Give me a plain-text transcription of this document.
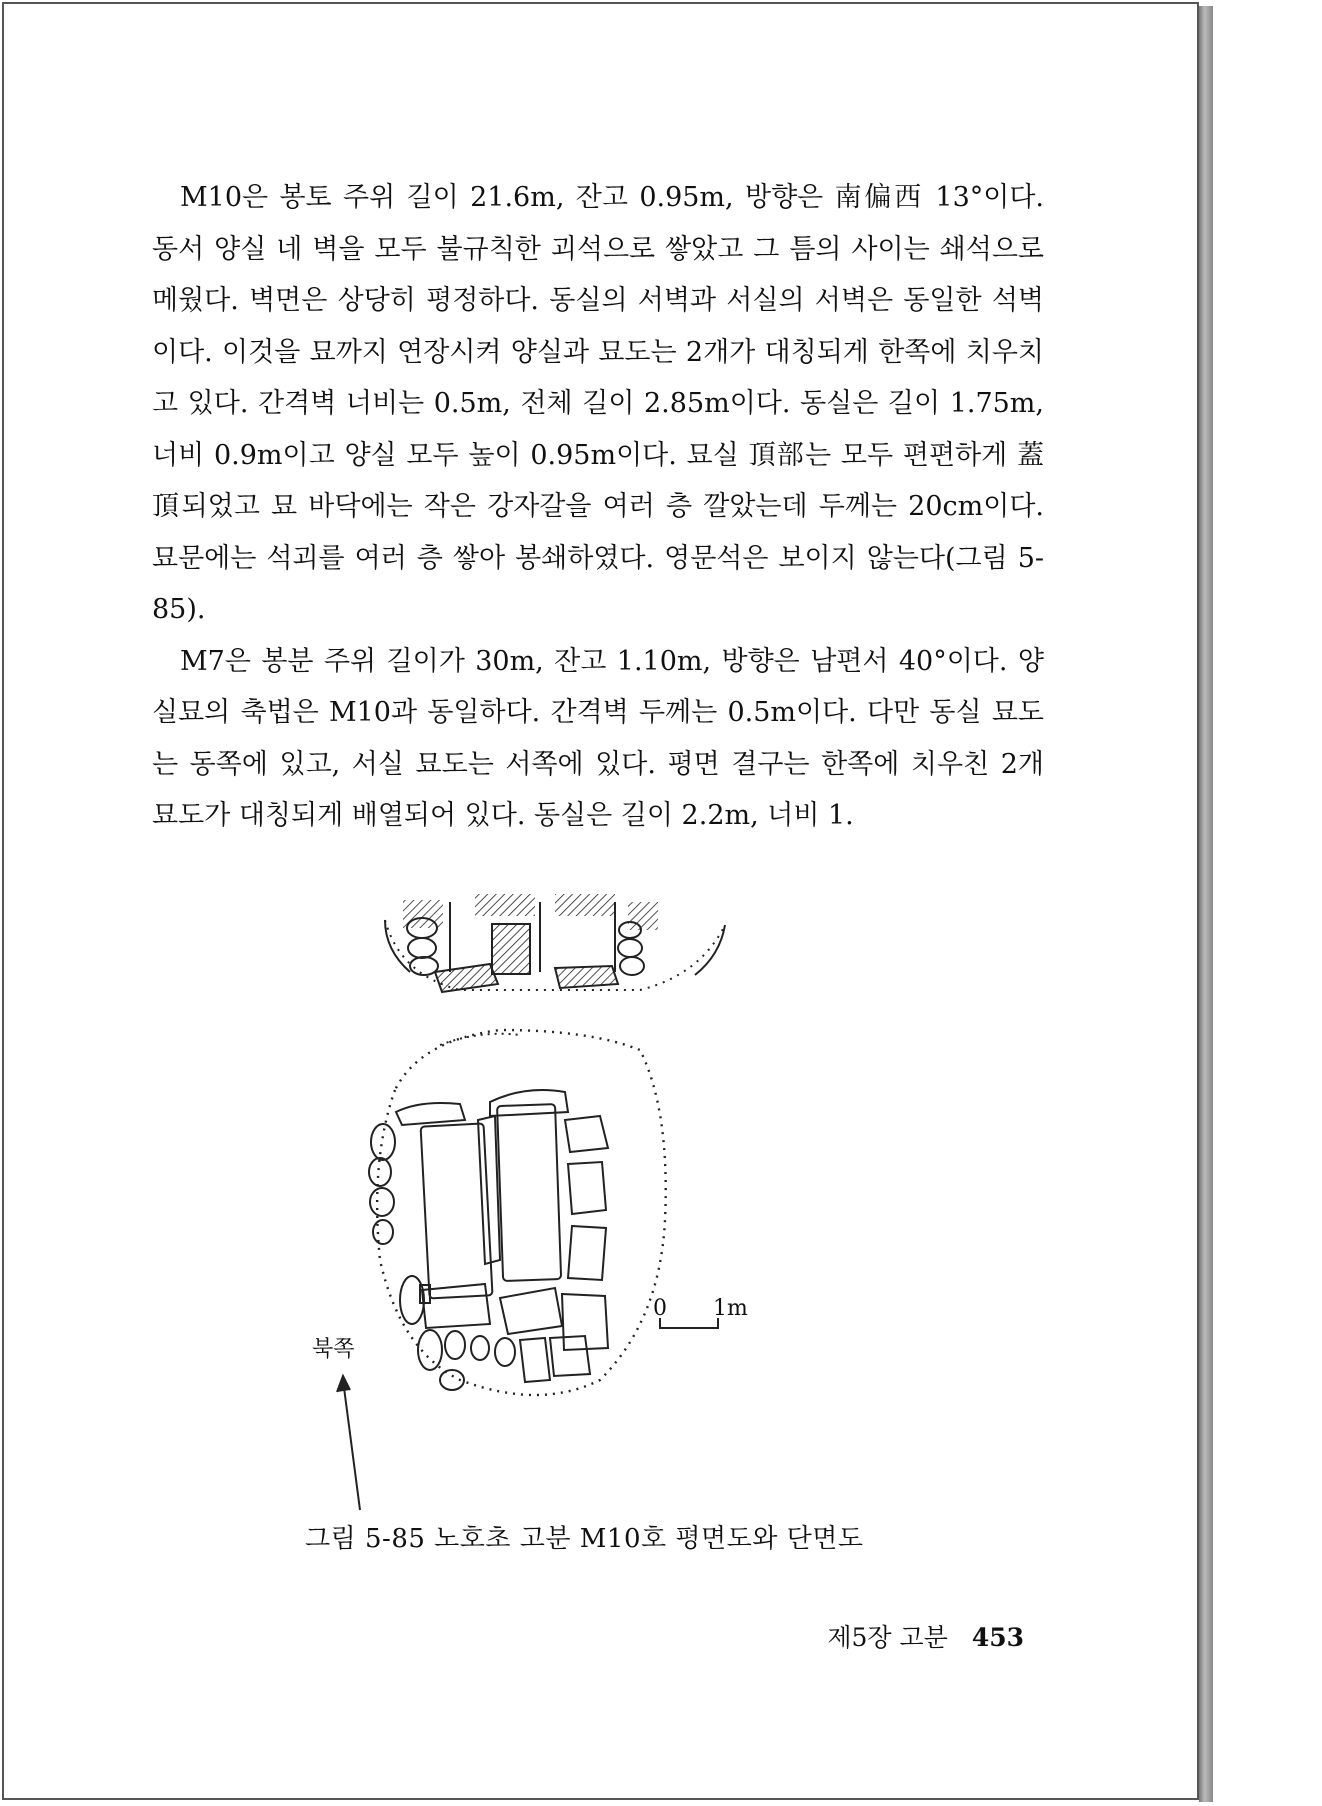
M10은 봉토 주위 길이 21.6m, 잔고 0.95m, 방향은 南偏西 13°이다. 동서 양실 네 벽을 모두 불규칙한 괴석으로 쌓았고 그 틈의 사이는 쇄석으로 메웠다. 벽면은 상당히 평정하다. 동실의 서벽과 서실의 서벽은 동일한 석벽이다. 이것을 묘까지 연장시켜 양실과 묘도는 2개가 대칭되게 한쪽에 치우치고 있다. 간격벽 너비는 0.5m, 전체 길이 2.85m이다. 동실은 길이 1.75m, 너비 0.9m이고 양실 모두 높이 0.95m이다. 묘실 頂部는 모두 편편하게 蓋頂되었고 묘 바닥에는 작은 강자갈을 여러 층 깔았는데 두께는 20cm이다. 묘문에는 석괴를 여러 층 쌓아 봉쇄하였다. 영문석은 보이지 않는다(그림 5-85).

M7은 봉분 주위 길이가 30m, 잔고 1.10m, 방향은 남편서 40°이다. 양실묘의 축법은 M10과 동일하다. 간격벽 두께는 0.5m이다. 다만 동실 묘도는 동쪽에 있고, 서실 묘도는 서쪽에 있다. 평면 결구는 한쪽에 치우친 2개 묘도가 대칭되게 배열되어 있다. 동실은 길이 2.2m, 너비 1.

0 1m
북쪽
그림 5-85 노호초 고분 M10호 평면도와 단면도
제5장 고분 453
